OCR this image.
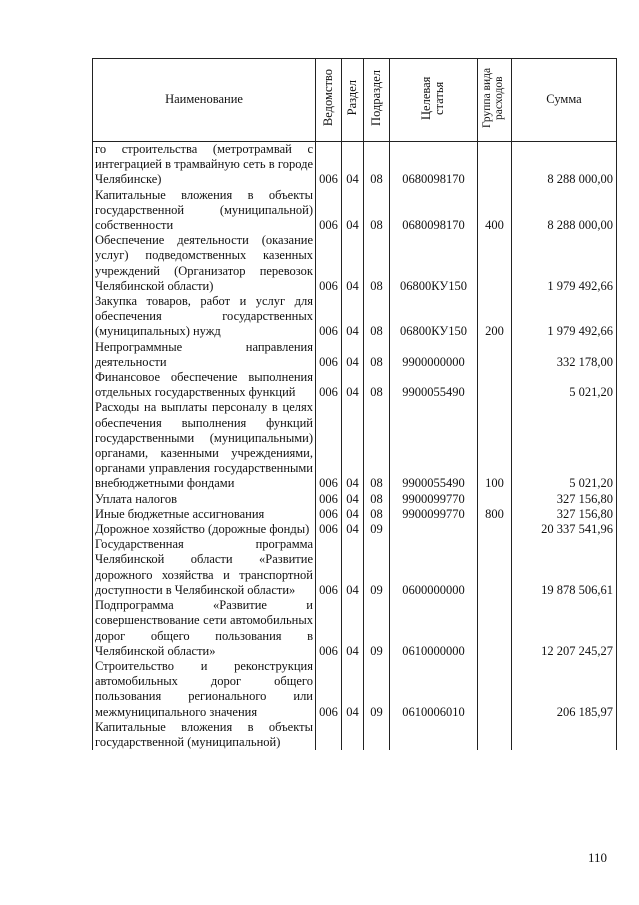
Наименование	Ведомство	Раздел	Подраздел	Целевая статья	Группа вида расходов	Сумма
го строительства (метротрамвай с интеграцией в трамвайную сеть в городе Челябинске)	006	04	08	0680098170		8 288 000,00
Капитальные вложения в объекты государственной (муниципальной) собственности	006	04	08	0680098170	400	8 288 000,00
Обеспечение деятельности (оказание услуг) подведомственных казенных учреждений (Организатор перевозок Челябинской области)	006	04	08	06800КУ150		1 979 492,66
Закупка товаров, работ и услуг для обеспечения государственных (муниципальных) нужд	006	04	08	06800КУ150	200	1 979 492,66
Непрограммные направления деятельности	006	04	08	9900000000		332 178,00
Финансовое обеспечение выполнения отдельных государственных функций	006	04	08	9900055490		5 021,20
Расходы на выплаты персоналу в целях обеспечения выполнения функций государственными (муниципальными) органами, казенными учреждениями, органами управления государственными внебюджетными фондами	006	04	08	9900055490	100	5 021,20
Уплата налогов	006	04	08	9900099770		327 156,80
Иные бюджетные ассигнования	006	04	08	9900099770	800	327 156,80
Дорожное хозяйство (дорожные фонды)	006	04	09			20 337 541,96
Государственная программа Челябинской области «Развитие дорожного хозяйства и транспортной доступности в Челябинской области»	006	04	09	0600000000		19 878 506,61
Подпрограмма «Развитие и совершенствование сети автомобильных дорог общего пользования в Челябинской области»	006	04	09	0610000000		12 207 245,27
Строительство и реконструкция автомобильных дорог общего пользования регионального или межмуниципального значения	006	04	09	0610006010		206 185,97
Капитальные вложения в объекты государственной (муниципальной)						
110
